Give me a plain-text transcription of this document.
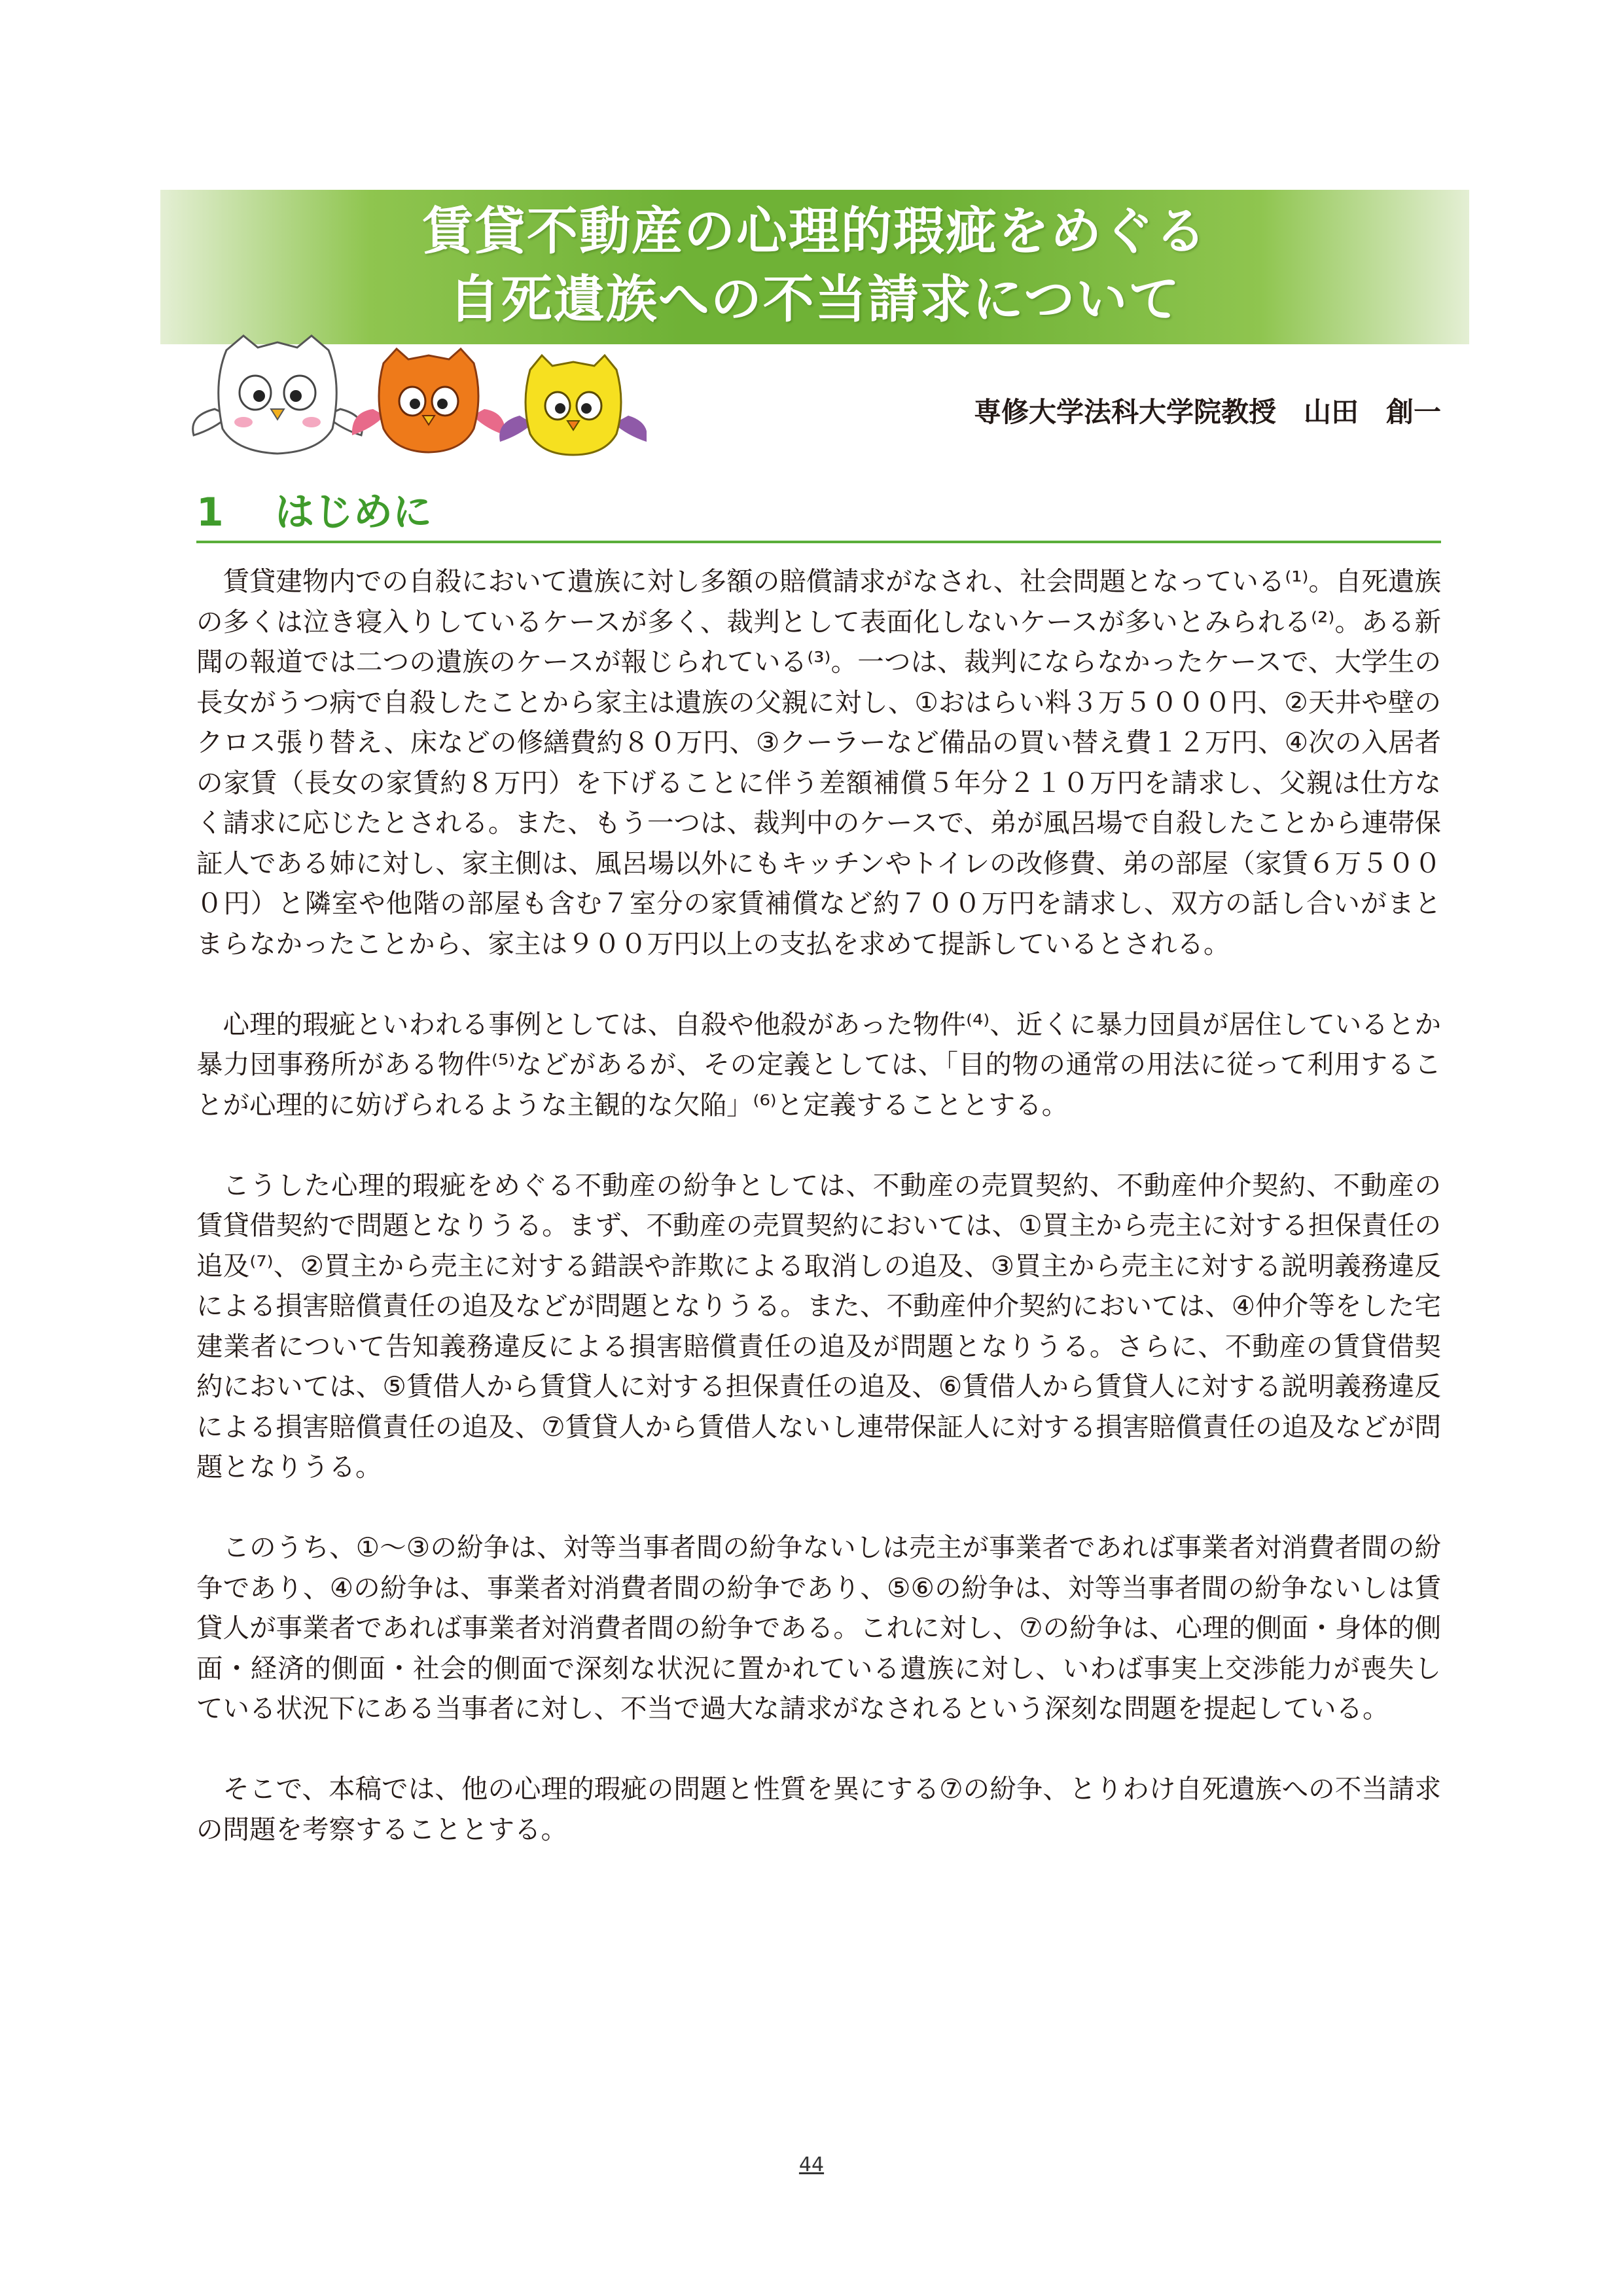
賃貸不動産の心理的瑕疵をめぐる
自死遺族への不当請求について
専修大学法科大学院教授　山田　創一
1 はじめに

賃貸建物内での自殺において遺族に対し多額の賠償請求がなされ、社会問題となっている⁽¹⁾。自死遺族の多くは泣き寝入りしているケースが多く、裁判として表面化しないケースが多いとみられる⁽²⁾。ある新聞の報道では二つの遺族のケースが報じられている⁽³⁾。一つは、裁判にならなかったケースで、大学生の長女がうつ病で自殺したことから家主は遺族の父親に対し、①おはらい料３万５０００円、②天井や壁のクロス張り替え、床などの修繕費約８０万円、③クーラーなど備品の買い替え費１２万円、④次の入居者の家賃（長女の家賃約８万円）を下げることに伴う差額補償５年分２１０万円を請求し、父親は仕方なく請求に応じたとされる。また、もう一つは、裁判中のケースで、弟が風呂場で自殺したことから連帯保証人である姉に対し、家主側は、風呂場以外にもキッチンやトイレの改修費、弟の部屋（家賃６万５０００円）と隣室や他階の部屋も含む７室分の家賃補償など約７００万円を請求し、双方の話し合いがまとまらなかったことから、家主は９００万円以上の支払を求めて提訴しているとされる。

心理的瑕疵といわれる事例としては、自殺や他殺があった物件⁽⁴⁾、近くに暴力団員が居住しているとか暴力団事務所がある物件⁽⁵⁾などがあるが、その定義としては、「目的物の通常の用法に従って利用することが心理的に妨げられるような主観的な欠陥」⁽⁶⁾と定義することとする。

こうした心理的瑕疵をめぐる不動産の紛争としては、不動産の売買契約、不動産仲介契約、不動産の賃貸借契約で問題となりうる。まず、不動産の売買契約においては、①買主から売主に対する担保責任の追及⁽⁷⁾、②買主から売主に対する錯誤や詐欺による取消しの追及、③買主から売主に対する説明義務違反による損害賠償責任の追及などが問題となりうる。また、不動産仲介契約においては、④仲介等をした宅建業者について告知義務違反による損害賠償責任の追及が問題となりうる。さらに、不動産の賃貸借契約においては、⑤賃借人から賃貸人に対する担保責任の追及、⑥賃借人から賃貸人に対する説明義務違反による損害賠償責任の追及、⑦賃貸人から賃借人ないし連帯保証人に対する損害賠償責任の追及などが問題となりうる。

このうち、①～③の紛争は、対等当事者間の紛争ないしは売主が事業者であれば事業者対消費者間の紛争であり、④の紛争は、事業者対消費者間の紛争であり、⑤⑥の紛争は、対等当事者間の紛争ないしは賃貸人が事業者であれば事業者対消費者間の紛争である。これに対し、⑦の紛争は、心理的側面・身体的側面・経済的側面・社会的側面で深刻な状況に置かれている遺族に対し、いわば事実上交渉能力が喪失している状況下にある当事者に対し、不当で過大な請求がなされるという深刻な問題を提起している。

そこで、本稿では、他の心理的瑕疵の問題と性質を異にする⑦の紛争、とりわけ自死遺族への不当請求の問題を考察することとする。

44
